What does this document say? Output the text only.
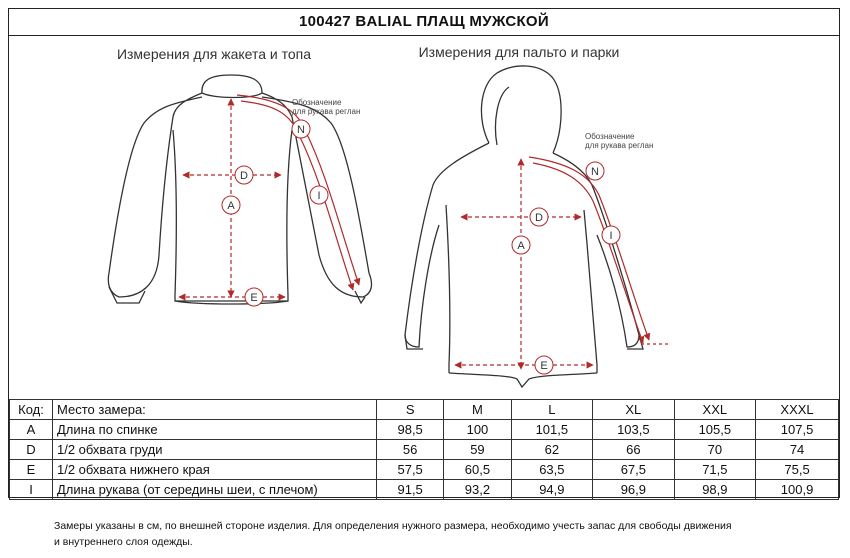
100427 BALIAL ПЛАЩ МУЖСКОЙ
Измерения для жакета и топа	Измерения для пальто и парки
A
D
E
N
I
Обозначение
для рукава реглан
A
D
E
N
I
Обозначение
для рукава реглан
Код:	Место замера:	S	M	L	XL	XXL	XXXL
A	Длина по спинке	98,5	100	101,5	103,5	105,5	107,5
D	1/2 обхвата груди	56	59	62	66	70	74
E	1/2 обхвата нижнего края	57,5	60,5	63,5	67,5	71,5	75,5
I	Длина рукава (от середины шеи, с плечом)	91,5	93,2	94,9	96,9	98,9	100,9
Замеры указаны в см, по внешней стороне изделия. Для определения нужного размера, необходимо учесть запас для свободы движения
и внутреннего слоя одежды.
